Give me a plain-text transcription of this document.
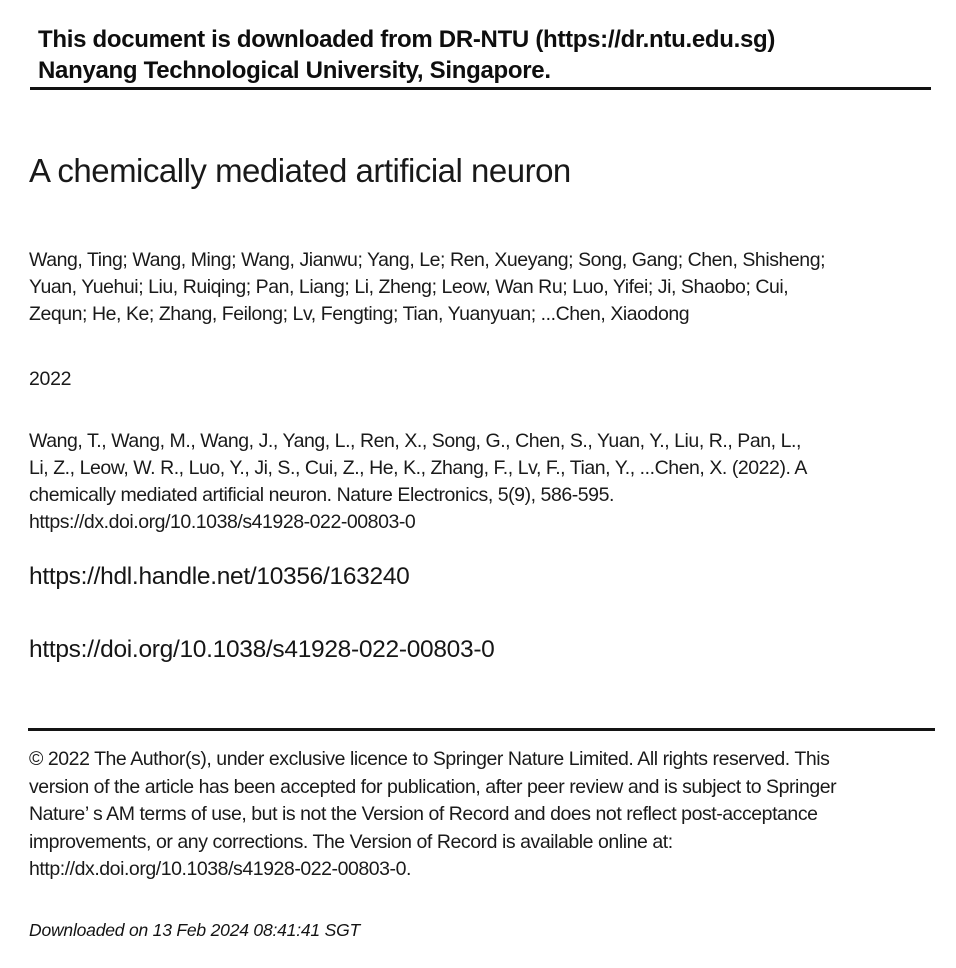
This document is downloaded from DR-NTU (https://dr.ntu.edu.sg)
Nanyang Technological University, Singapore.
A chemically mediated artificial neuron
Wang, Ting; Wang, Ming; Wang, Jianwu; Yang, Le; Ren, Xueyang; Song, Gang; Chen, Shisheng; Yuan, Yuehui; Liu, Ruiqing; Pan, Liang; Li, Zheng; Leow, Wan Ru; Luo, Yifei; Ji, Shaobo; Cui, Zequn; He, Ke; Zhang, Feilong; Lv, Fengting; Tian, Yuanyuan; ...Chen, Xiaodong
2022
Wang, T., Wang, M., Wang, J., Yang, L., Ren, X., Song, G., Chen, S., Yuan, Y., Liu, R., Pan, L., Li, Z., Leow, W. R., Luo, Y., Ji, S., Cui, Z., He, K., Zhang, F., Lv, F., Tian, Y., ...Chen, X. (2022). A chemically mediated artificial neuron. Nature Electronics, 5(9), 586-595. https://dx.doi.org/10.1038/s41928-022-00803-0
https://hdl.handle.net/10356/163240
https://doi.org/10.1038/s41928-022-00803-0
© 2022 The Author(s), under exclusive licence to Springer Nature Limited. All rights reserved. This version of the article has been accepted for publication, after peer review and is subject to Springer Nature’ s AM terms of use, but is not the Version of Record and does not reflect post-acceptance improvements, or any corrections. The Version of Record is available online at: http://dx.doi.org/10.1038/s41928-022-00803-0.
Downloaded on 13 Feb 2024 08:41:41 SGT
